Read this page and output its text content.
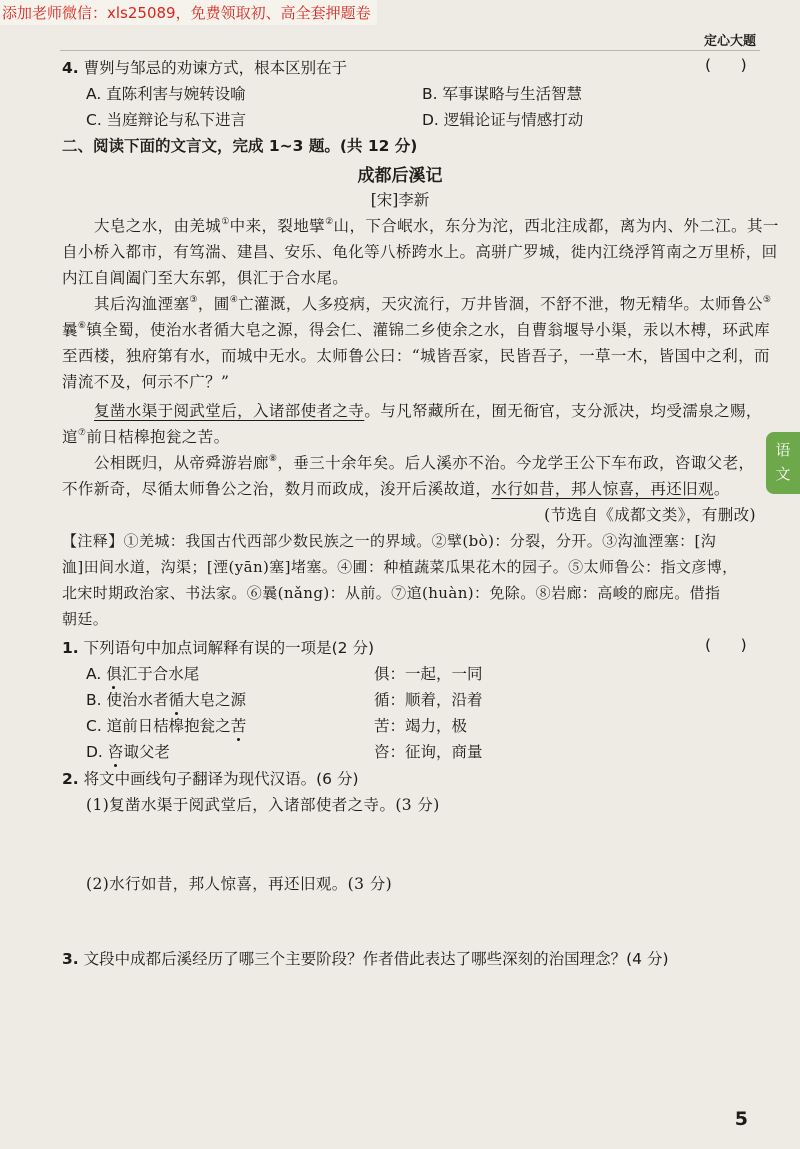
添加老师微信：xls25089，免费领取初、高全套押题卷
定心大题
语
文
4. 曹刿与邹忌的劝谏方式，根本区别在于	(      )
A. 直陈利害与婉转设喻	B. 军事谋略与生活智慧
C. 当庭辩论与私下进言	D. 逻辑论证与情感打动
二、阅读下面的文言文，完成 1~3 题。(共 12 分)
成都后溪记
[宋]李新
大皂之水，由羌城①中来，裂地擘②山，下合岷水，东分为沱，西北注成都，离为内、外二江。其一
自小桥入都市，有笃湍、建昌、安乐、龟化等八桥跨水上。高骈广罗城，徙内江绕浮筲南之万里桥，回
内江自阊阖门至大东郭，俱汇于合水尾。
其后沟洫湮塞③，圃④亡灌溉，人多疫病，天灾流行，万井皆涸，不舒不泄，物无精华。太师鲁公⑤
曩⑥镇全蜀，使治水者循大皂之源，得会仁、灌锦二乡使余之水，自曹翁堰导小渠，汞以木榑，环武库
至西楼，独府第有水，而城中无水。太师鲁公曰：“城皆吾家，民皆吾子，一草一木，皆国中之利，而
清流不及，何示不广？”
复凿水渠于阅武堂后，入诸部使者之寺。与凡帑藏所在，囿无衙官，支分派决，均受濡泉之赐，
逭⑦前日桔槔抱瓮之苦。
公相既归，从帝舜游岩廊⑧，垂三十余年矣。后人溪亦不治。今龙学王公下车布政，咨诹父老，
不作新奇，尽循太师鲁公之治，数月而政成，浚开后溪故道，水行如昔，邦人惊喜，再还旧观。
(节选自《成都文类》，有删改)
【注释】①羌城：我国古代西部少数民族之一的界域。②擘(bò)：分裂，分开。③沟洫湮塞：[沟
洫]田间水道，沟渠；[湮(yān)塞]堵塞。④圃：种植蔬菜瓜果花木的园子。⑤太师鲁公：指文彦博，
北宋时期政治家、书法家。⑥曩(nǎng)：从前。⑦逭(huàn)：免除。⑧岩廊：高峻的廊庑。借指
朝廷。
1. 下列语句中加点词解释有误的一项是(2 分)	(      )
A. 俱汇于合水尾	俱：一起，一同
B. 使治水者循大皂之源	循：顺着，沿着
C. 逭前日桔槔抱瓮之苦	苦：竭力，极
D. 咨诹父老	咨：征询，商量
2. 将文中画线句子翻译为现代汉语。(6 分)
(1)复凿水渠于阅武堂后，入诸部使者之寺。(3 分)
(2)水行如昔，邦人惊喜，再还旧观。(3 分)
3. 文段中成都后溪经历了哪三个主要阶段？作者借此表达了哪些深刻的治国理念？(4 分)
5
